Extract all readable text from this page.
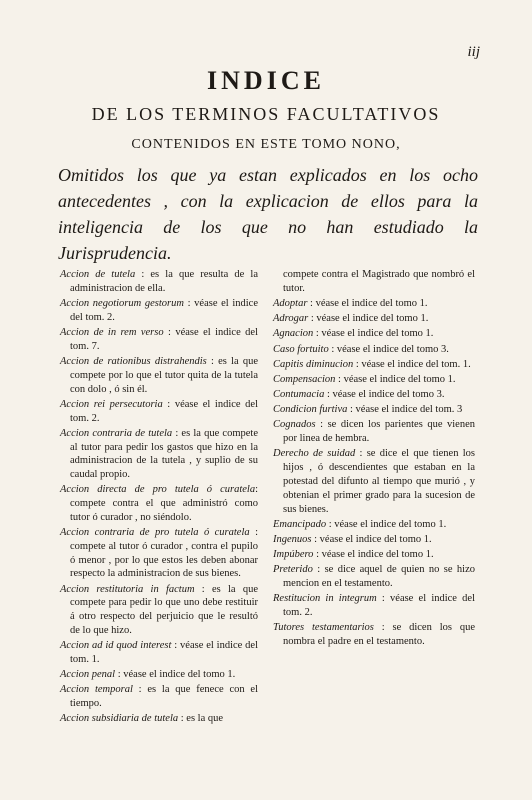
iij
INDICE
DE LOS TERMINOS FACULTATIVOS
CONTENIDOS EN ESTE TOMO NONO,
Omitidos los que ya estan explicados en los ocho antecedentes , con la explicacion de ellos para la inteligencia de los que no han estudiado la Jurisprudencia.

Accion de tutela : es la que resulta de la administracion de ella.

Accion negotiorum gestorum : véase el indice del tom. 2.

Accion de in rem verso : véase el indice del tom. 7.

Accion de rationibus distrahendis : es la que compete por lo que el tutor quita de la tutela con dolo , ó sin él.

Accion rei persecutoria : véase el indice del tom. 2.

Accion contraria de tutela : es la que compete al tutor para pedir los gastos que hizo en la administracion de la tutela , y suplio de su caudal propio.

Accion directa de pro tutela ó curatela: compete contra el que administró como tutor ó curador , no siéndolo.

Accion contraria de pro tutela ó curatela : compete al tutor ó curador , contra el pupilo ó menor , por lo que estos les deben abonar respecto la administracion de sus bienes.

Accion restitutoria in factum : es la que compete para pedir lo que uno debe restituir á otro respecto del perjuicio que le resultó de lo que hizo.

Accion ad id quod interest : véase el indice del tom. 1.

Accion penal : véase el indice del tomo 1.

Accion temporal : es la que fenece con el tiempo.

Accion subsidiaria de tutela : es la que

compete contra el Magistrado que nombró el tutor.

Adoptar : véase el indice del tomo 1.

Adrogar : véase el indice del tomo 1.

Agnacion : véase el indice del tomo 1.

Caso fortuito : véase el indice del tomo 3.

Capitis diminucion : véase el indice del tom. 1.

Compensacion : véase el indice del tomo 1.

Contumacia : véase el indice del tomo 3.

Condicion furtiva : véase el indice del tom. 3

Cognados : se dicen los parientes que vienen por linea de hembra.

Derecho de suidad : se dice el que tienen los hijos , ó descendientes que estaban en la potestad del difunto al tiempo que murió , y obtenian el primer grado para la sucesion de sus bienes.

Emancipado : véase el indice del tomo 1.

Ingenuos : véase el indice del tomo 1.

Impúbero : véase el indice del tomo 1.

Preterido : se dice aquel de quien no se hizo mencion en el testamento.

Restitucion in integrum : véase el indice del tom. 2.

Tutores testamentarios : se dicen los que nombra el padre en el testamento.
